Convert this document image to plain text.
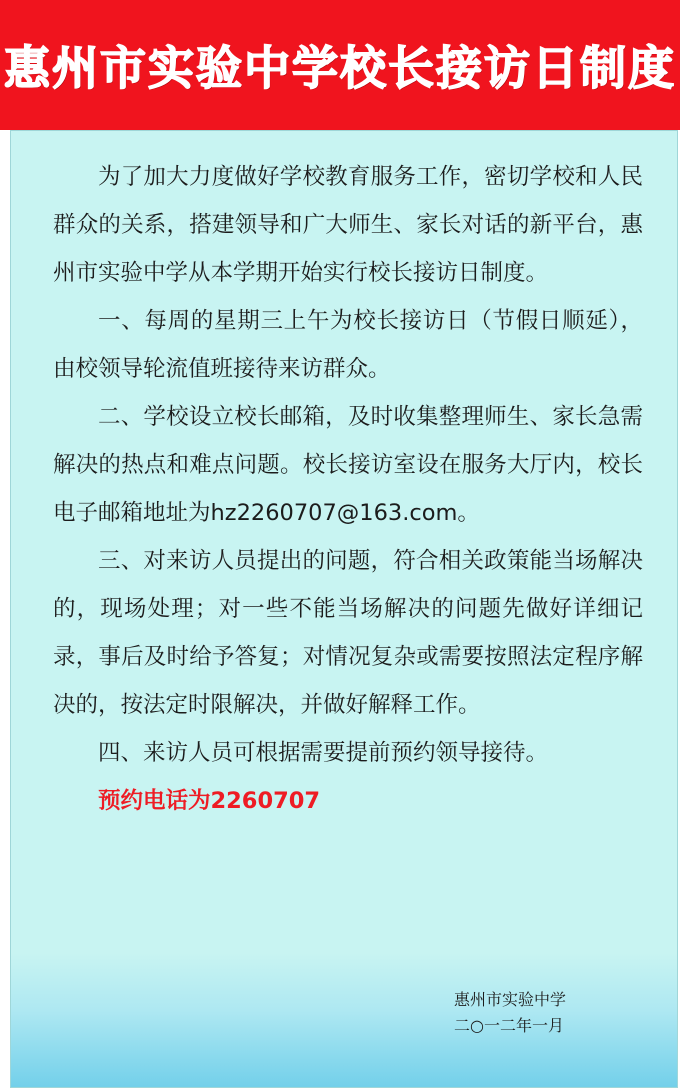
惠州市实验中学校长接访日制度

为了加大力度做好学校教育服务工作，密切学校和人民群众的关系，搭建领导和广大师生、家长对话的新平台，惠州市实验中学从本学期开始实行校长接访日制度。

一、每周的星期三上午为校长接访日（节假日顺延），由校领导轮流值班接待来访群众。

二、学校设立校长邮箱，及时收集整理师生、家长急需解决的热点和难点问题。校长接访室设在服务大厅内，校长电子邮箱地址为hz2260707@163.com。

三、对来访人员提出的问题，符合相关政策能当场解决的，现场处理；对一些不能当场解决的问题先做好详细记录，事后及时给予答复；对情况复杂或需要按照法定程序解决的，按法定时限解决，并做好解释工作。

四、来访人员可根据需要提前预约领导接待。

预约电话为2260707

惠州市实验中学
二○一二年一月
